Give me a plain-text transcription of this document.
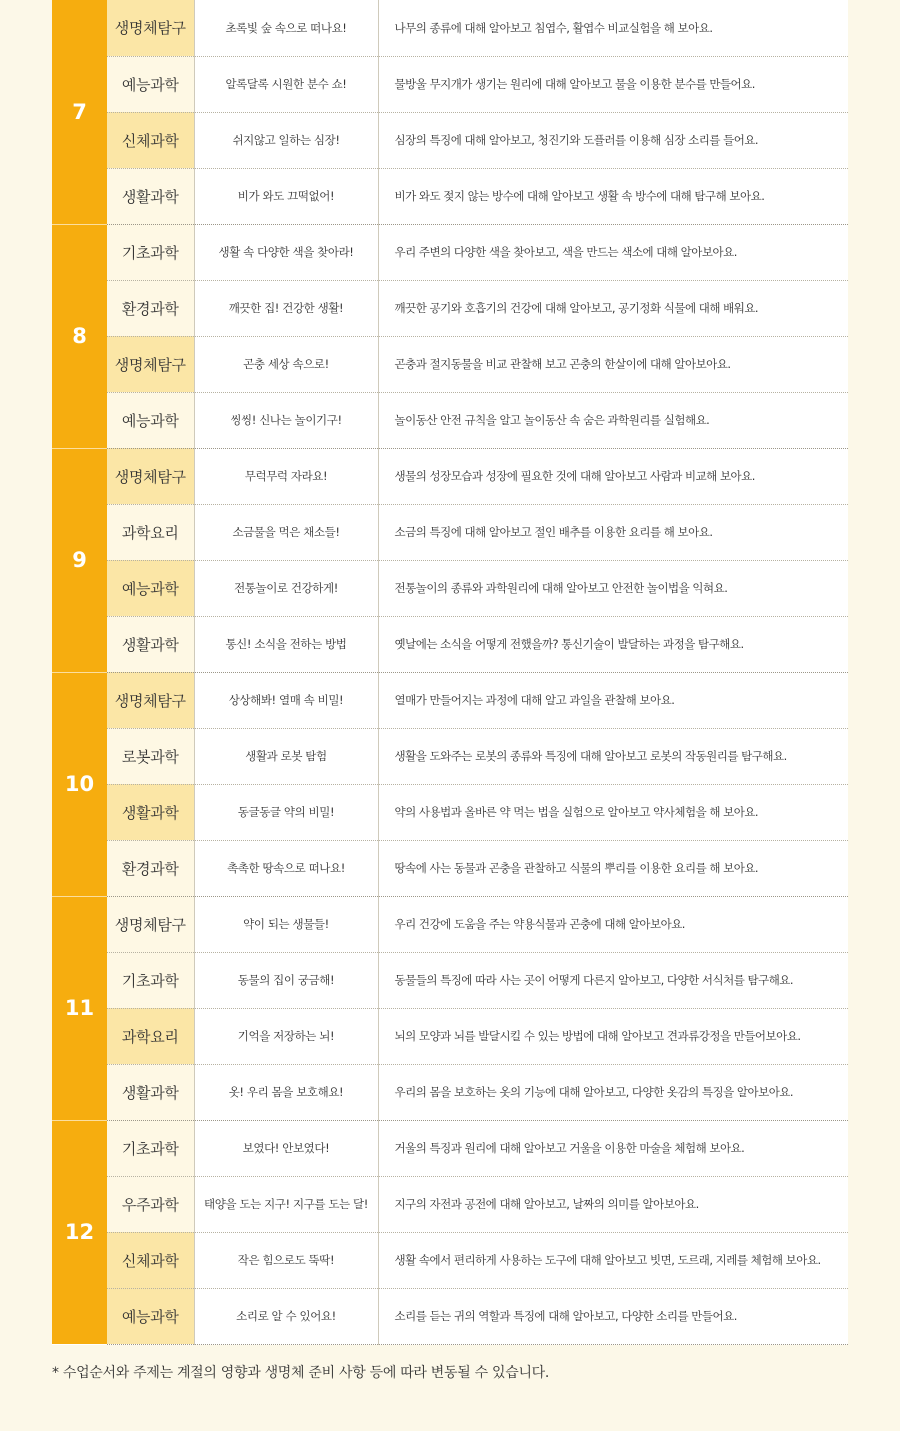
7	생명체탐구	초록빛 숲 속으로 떠나요!	나무의 종류에 대해 알아보고 침엽수, 활엽수 비교실험을 해 보아요.
	예능과학	알록달록 시원한 분수 쇼!	물방울 무지개가 생기는 원리에 대해 알아보고 물을 이용한 분수를 만들어요.
	신체과학	쉬지않고 일하는 심장!	심장의 특징에 대해 알아보고, 청진기와 도플러를 이용해 심장 소리를 들어요.
	생활과학	비가 와도 끄떡없어!	비가 와도 젖지 않는 방수에 대해 알아보고 생활 속 방수에 대해 탐구해 보아요.
8	기초과학	생활 속 다양한 색을 찾아라!	우리 주변의 다양한 색을 찾아보고, 색을 만드는 색소에 대해 알아보아요.
	환경과학	깨끗한 집! 건강한 생활!	깨끗한 공기와 호흡기의 건강에 대해 알아보고, 공기정화 식물에 대해 배워요.
	생명체탐구	곤충 세상 속으로!	곤충과 절지동물을 비교 관찰해 보고 곤충의 한살이에 대해 알아보아요.
	예능과학	씽씽! 신나는 놀이기구!	놀이동산 안전 규칙을 알고 놀이동산 속 숨은 과학원리를 실험해요.
9	생명체탐구	무럭무럭 자라요!	생물의 성장모습과 성장에 필요한 것에 대해 알아보고 사람과 비교해 보아요.
	과학요리	소금물을 먹은 채소들!	소금의 특징에 대해 알아보고 절인 배추를 이용한 요리를 해 보아요.
	예능과학	전통놀이로 건강하게!	전통놀이의 종류와 과학원리에 대해 알아보고 안전한 놀이법을 익혀요.
	생활과학	통신! 소식을 전하는 방법	옛날에는 소식을 어떻게 전했을까? 통신기술이 발달하는 과정을 탐구해요.
10	생명체탐구	상상해봐! 열매 속 비밀!	열매가 만들어지는 과정에 대해 알고 과일을 관찰해 보아요.
	로봇과학	생활과 로봇 탐험	생활을 도와주는 로봇의 종류와 특징에 대해 알아보고 로봇의 작동원리를 탐구해요.
	생활과학	동글동글 약의 비밀!	약의 사용법과 올바른 약 먹는 법을 실험으로 알아보고 약사체험을 해 보아요.
	환경과학	촉촉한 땅속으로 떠나요!	땅속에 사는 동물과 곤충을 관찰하고 식물의 뿌리를 이용한 요리를 해 보아요.
11	생명체탐구	약이 되는 생물들!	우리 건강에 도움을 주는 약용식물과 곤충에 대해 알아보아요.
	기초과학	동물의 집이 궁금해!	동물들의 특징에 따라 사는 곳이 어떻게 다른지 알아보고, 다양한 서식처를 탐구해요.
	과학요리	기억을 저장하는 뇌!	뇌의 모양과 뇌를 발달시킬 수 있는 방법에 대해 알아보고 견과류강정을 만들어보아요.
	생활과학	옷! 우리 몸을 보호해요!	우리의 몸을 보호하는 옷의 기능에 대해 알아보고, 다양한 옷감의 특징을 알아보아요.
12	기초과학	보였다! 안보였다!	거울의 특징과 원리에 대해 알아보고 거울을 이용한 마술을 체험해 보아요.
	우주과학	태양을 도는 지구! 지구를 도는 달!	지구의 자전과 공전에 대해 알아보고, 날짜의 의미를 알아보아요.
	신체과학	작은 힘으로도 뚝딱!	생활 속에서 편리하게 사용하는 도구에 대해 알아보고 빗면, 도르래, 지레를 체험해 보아요.
	예능과학	소리로 알 수 있어요!	소리를 듣는 귀의 역할과 특징에 대해 알아보고, 다양한 소리를 만들어요.
* 수업순서와 주제는 계절의 영향과 생명체 준비 사항 등에 따라 변동될 수 있습니다.
